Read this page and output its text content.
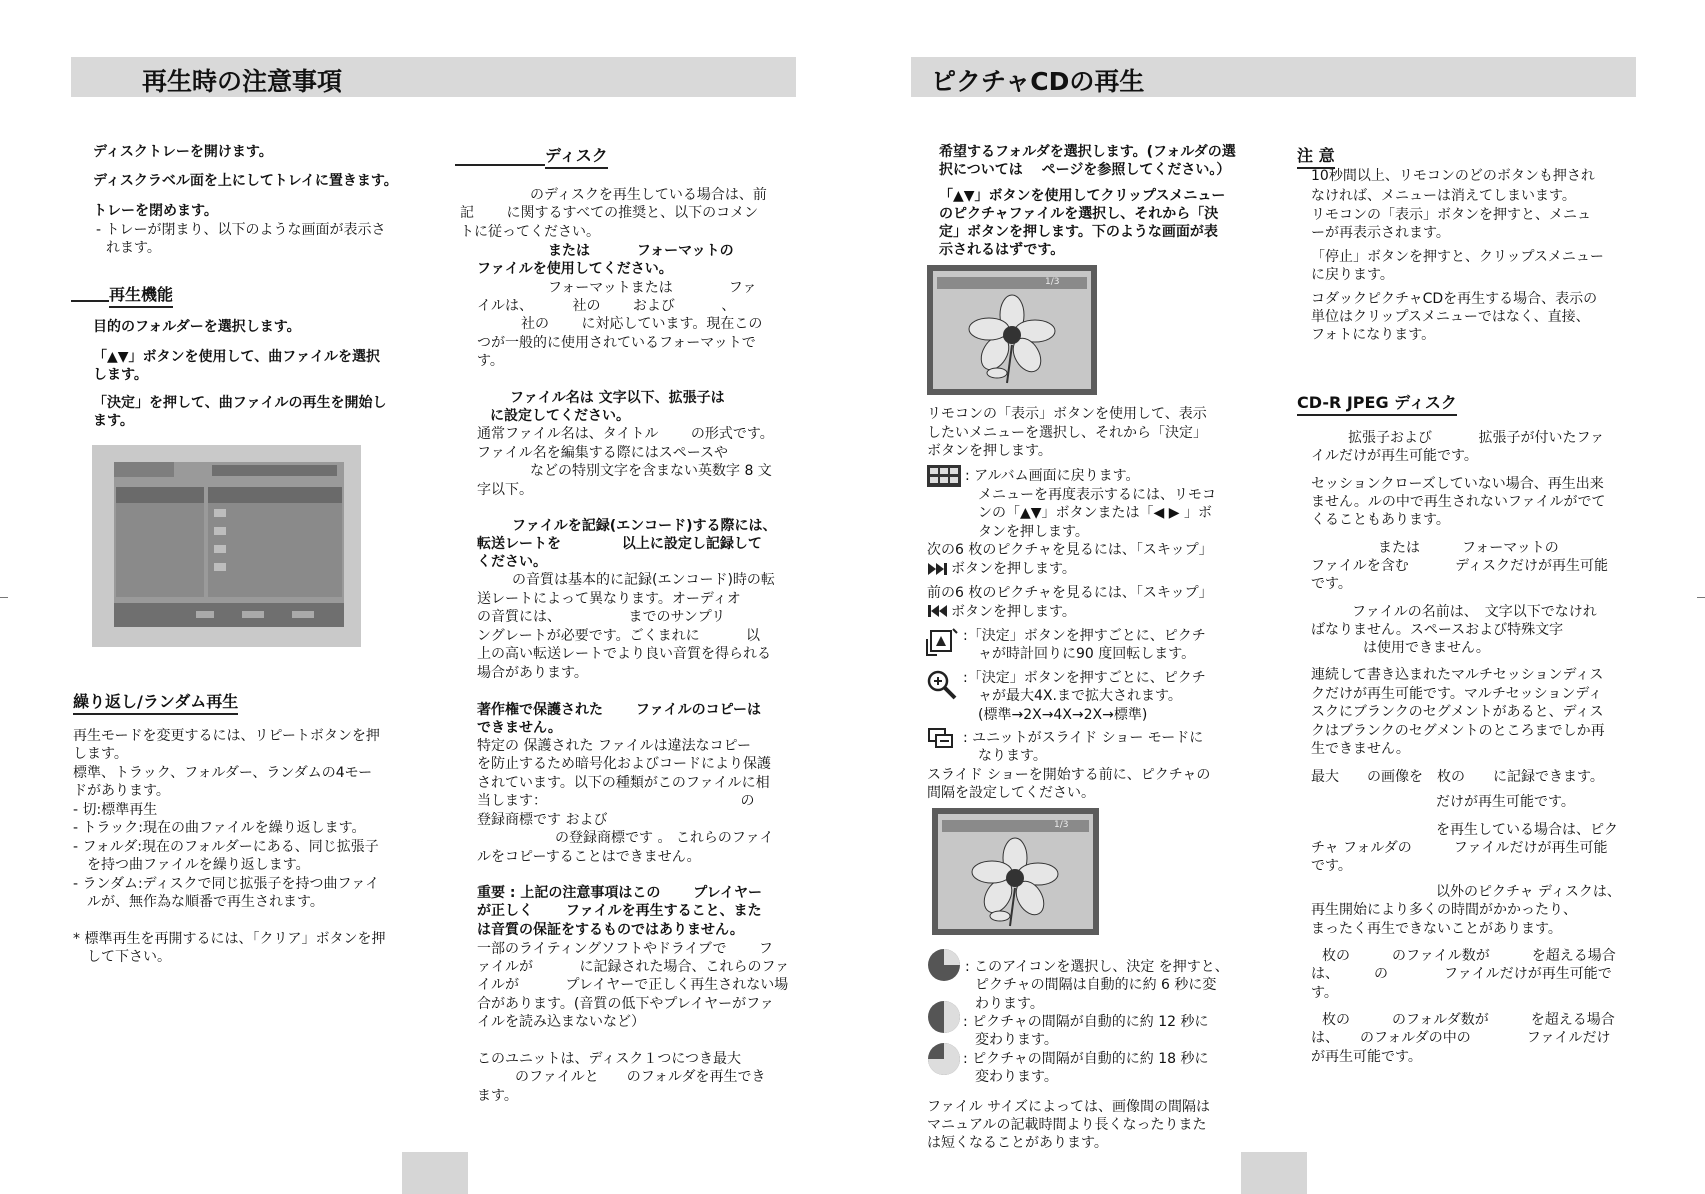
再生時の注意事項
ディスクトレーを開けます。
ディスクラベル面を上にしてトレイに置きます。
トレーを閉めます。
- トレーが閉まり、以下のような画面が表示さ
れます。
再生機能
目的のフォルダーを選択します。
「▲▼」ボタンを使用して、曲ファイルを選択
します。
「決定」を押して、曲ファイルの再生を開始し
ます。
繰り返し/ランダム再生
再生モードを変更するには、リピートボタンを押
します。
標準、トラック、フォルダー、ランダムの4モー
ドがあります。
- 切:標準再生
- トラック:現在の曲ファイルを繰り返します。
- フォルダ:現在のフォルダーにある、同じ拡張子
を持つ曲ファイルを繰り返します。
- ランダム:ディスクで同じ拡張子を持つ曲ファイ
ルが、無作為な順番で再生されます。
* 標準再生を再開するには、「クリア」ボタンを押
して下さい。
ディスク
のディスクを再生している場合は、前
記　　 に関するすべての推奨と、以下のコメン
トに従ってください。
または　　　 フォーマットの
ファイルを使用してください。
フォーマットまたは　　　　ファ
イルは、　　　 社の　　 および　　　 、
社の　　 に対応しています。現在この
つが一般的に使用されているフォーマットで
す。
ファイル名は 文字以下、拡張子は
に設定してください。
通常ファイル名は、タイトル　　 の形式です。
ファイル名を編集する際にはスペースや
などの特別文字を含まない英数字 8 文
字以下。
ファイルを記録(エンコード)する際には、
転送レートを　　　　 以上に設定し記録して
ください。
の音質は基本的に記録(エンコード)時の転
送レートによって異なります。オーディオ
の音質には、　　　　　 までのサンプリ
ングレートが必要です。ごくまれに　　　 以
上の高い転送レートでより良い音質を得られる
場合があります。
著作権で保護された　　 ファイルのコピーは
できません。
特定の 保護された ファイルは違法なコピー
を防止するため暗号化およびコードにより保護
されています。以下の種類がこのファイルに相
当します：　　　　　　　　　　　　　　 の
登録商標です および
の登録商標です 。 これらのファイ
ルをコピーすることはできません。
重要 : 上記の注意事項はこの　　 プレイヤー
が正しく　　 ファイルを再生すること、また
は音質の保証をするものではありません。
一部のライティングソフトやドライブで　　 フ
ァイルが　　　 に記録された場合、これらのファ
イルが　　　 プレイヤーで正しく再生されない場
合があります。(音質の低下やプレイヤーがファ
イルを読み込まないなど）
このユニットは、ディスク１つにつき最大
のファイルと　　のフォルダを再生でき
ます。
ピクチャCDの再生
希望するフォルダを選択します。(フォルダの選
択については　 ページを参照してください。）
「▲▼」ボタンを使用してクリップスメニュー
のピクチャファイルを選択し、それから「決
定」ボタンを押します。下のような画面が表
示されるはずです。
1/3
リモコンの「表示」ボタンを使用して、表示
したいメニューを選択し、それから「決定」
ボタンを押します。
: アルバム画面に戻ります。
メニューを再度表示するには、リモコ
ンの「▲▼」ボタンまたは「◀ ▶ 」ボ
タンを押します。
次の6 枚のピクチャを見るには、「スキップ」
ボタンを押します。
前の6 枚のピクチャを見るには、「スキップ」
ボタンを押します。
:「決定」ボタンを押すごとに、ピクチ
ャが時計回りに90 度回転します。
:「決定」ボタンを押すごとに、ピクチ
ャが最大4X.まで拡大されます。
(標準→2X→4X→2X→標準)
: ユニットがスライド ショー モードに
なります。
スライド ショーを開始する前に、ピクチャの
間隔を設定してください。
1/3
: このアイコンを選択し、決定 を押すと、
ピクチャの間隔は自動的に約 6 秒に変
わります。
: ピクチャの間隔が自動的に約 12 秒に
変わります。
: ピクチャの間隔が自動的に約 18 秒に
変わります。
ファイル サイズによっては、画像間の間隔は
マニュアルの記載時間より長くなったりまた
は短くなることがあります。
注 意
10秒間以上、リモコンのどのボタンも押され
なければ、メニューは消えてしまいます。
リモコンの「表示」ボタンを押すと、メニュ
ーが再表示されます。
「停止」ボタンを押すと、クリップスメニュー
に戻ります。
コダックピクチャCDを再生する場合、表示の
単位はクリップスメニューではなく、直接、
フォトになります。
CD-R JPEG ディスク
拡張子および　　　 拡張子が付いたファ
イルだけが再生可能です。
セッションクローズしていない場合、再生出来
ません。ルの中で再生されないファイルがでて
くることもあります。
または　　　フォーマットの
ファイルを含む　　　 ディスクだけが再生可能
です。
ファイルの名前は、　文字以下でなけれ
ばなりません。スペースおよび特殊文字
は使用できません。
連続して書き込まれたマルチセッションディス
クだけが再生可能です。マルチセッションディ
スクにブランクのセグメントがあると、ディス
クはブランクのセグメントのところまでしか再
生できません。
最大　　の画像を　枚の　　に記録できます。
だけが再生可能です。
を再生している場合は、ピク
チャ フォルダの　　　ファイルだけが再生可能
です。
以外のピクチャ ディスクは、
再生開始により多くの時間がかかったり、
まったく再生できないことがあります。
枚の　　　のファイル数が　　　を超える場合
は、　　　の　　　　ファイルだけが再生可能で
す。
枚の　　　のフォルダ数が　　　を超える場合
は、　　のフォルダの中の　　　　ファイルだけ
が再生可能です。
